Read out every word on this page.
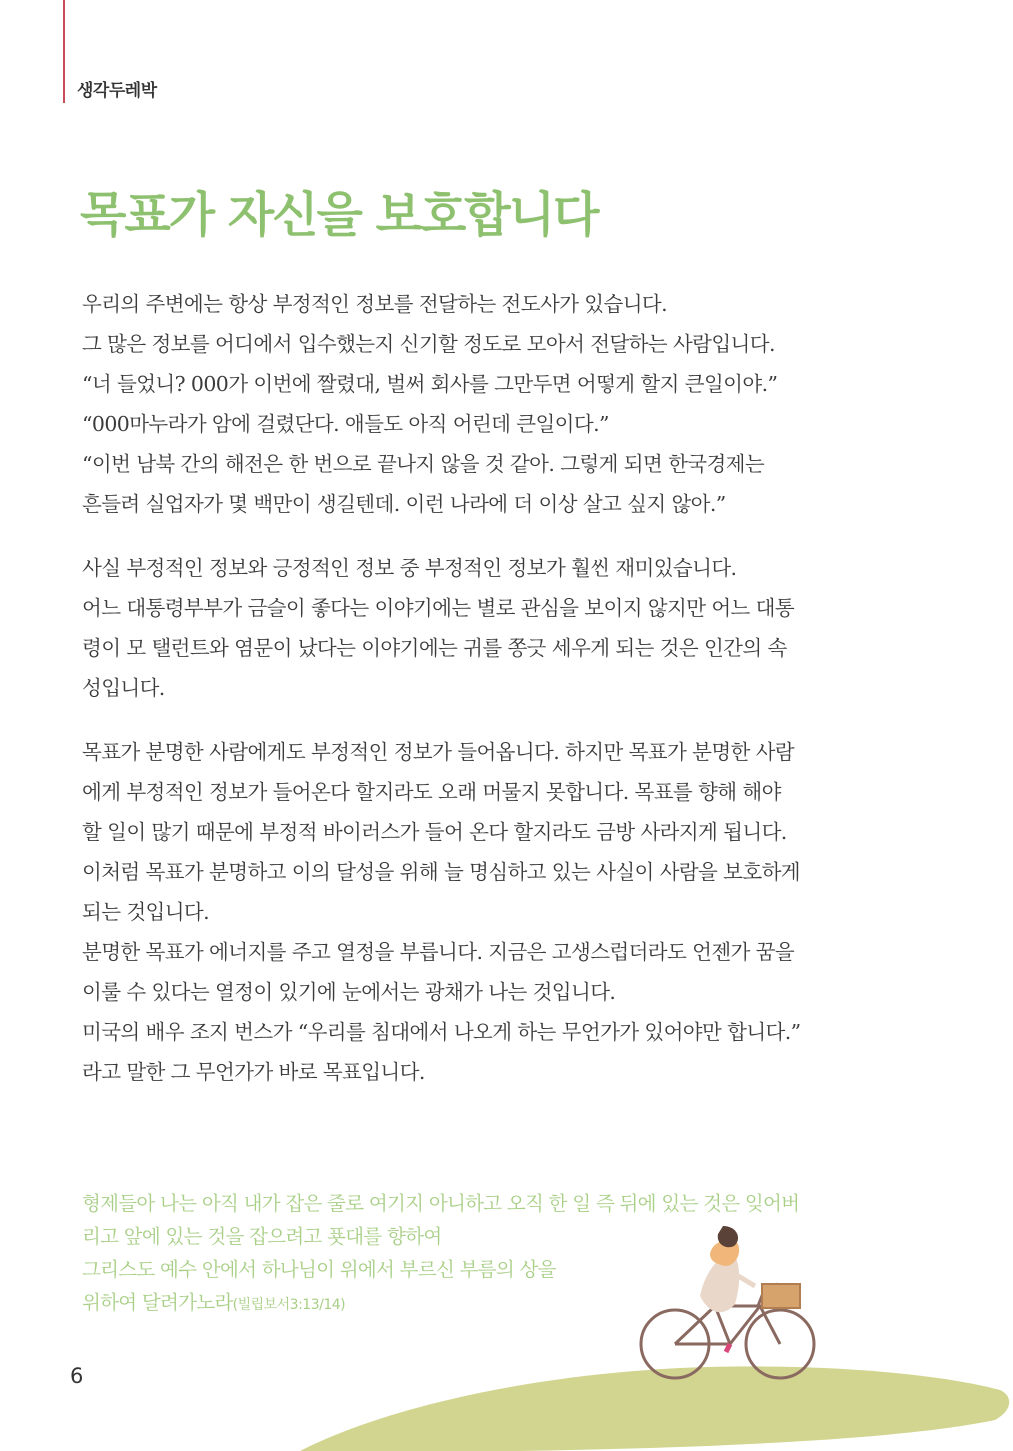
생각두레박
목표가 자신을 보호합니다

우리의 주변에는 항상 부정적인 정보를 전달하는 전도사가 있습니다.
그 많은 정보를 어디에서 입수했는지 신기할 정도로 모아서 전달하는 사람입니다.
“너 들었니? 000가 이번에 짤렸대, 벌써 회사를 그만두면 어떻게 할지 큰일이야.”
“000마누라가 암에 걸렸단다. 애들도 아직 어린데 큰일이다.”
“이번 남북 간의 해전은 한 번으로 끝나지 않을 것 같아. 그렇게 되면 한국경제는
흔들려 실업자가 몇 백만이 생길텐데. 이런 나라에 더 이상 살고 싶지 않아.”

사실 부정적인 정보와 긍정적인 정보 중 부정적인 정보가 훨씬 재미있습니다.
어느 대통령부부가 금슬이 좋다는 이야기에는 별로 관심을 보이지 않지만 어느 대통
령이 모 탤런트와 염문이 났다는 이야기에는 귀를 쫑긋 세우게 되는 것은 인간의 속
성입니다.

목표가 분명한 사람에게도 부정적인 정보가 들어옵니다. 하지만 목표가 분명한 사람
에게 부정적인 정보가 들어온다 할지라도 오래 머물지 못합니다. 목표를 향해 해야
할 일이 많기 때문에 부정적 바이러스가 들어 온다 할지라도 금방 사라지게 됩니다.
이처럼 목표가 분명하고 이의 달성을 위해 늘 명심하고 있는 사실이 사람을 보호하게
되는 것입니다.
분명한 목표가 에너지를 주고 열정을 부릅니다. 지금은 고생스럽더라도 언젠가 꿈을
이룰 수 있다는 열정이 있기에 눈에서는 광채가 나는 것입니다.
미국의 배우 조지 번스가 “우리를 침대에서 나오게 하는 무언가가 있어야만 합니다.”
라고 말한 그 무언가가 바로 목표입니다.

형제들아 나는 아직 내가 잡은 줄로 여기지 아니하고 오직 한 일 즉 뒤에 있는 것은 잊어버
리고 앞에 있는 것을 잡으려고 푯대를 향하여
그리스도 예수 안에서 하나님이 위에서 부르신 부름의 상을
위하여 달려가노라(빌립보서3:13/14)
6
